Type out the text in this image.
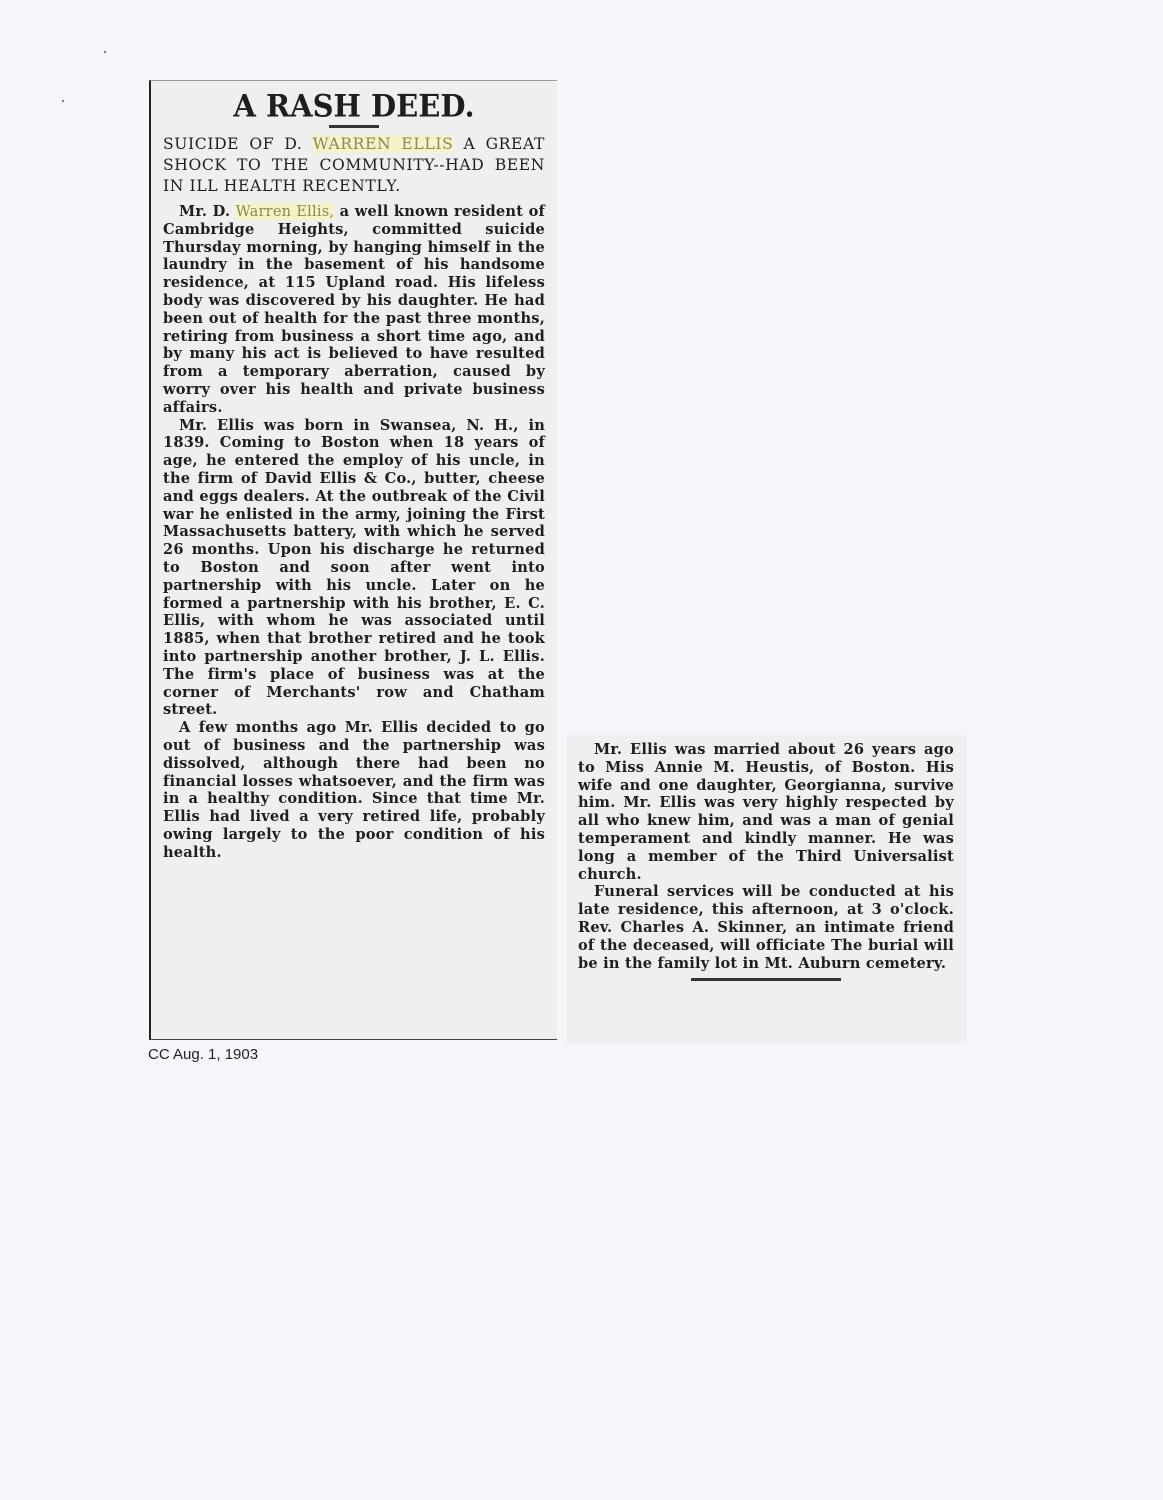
A RASH DEED.
SUICIDE OF D. WARREN ELLIS A GREAT SHOCK TO THE COMMUNITY--HAD BEEN IN ILL HEALTH RECENTLY.

Mr. D. Warren Ellis, a well known resident of Cambridge Heights, committed suicide Thursday morning, by hanging himself in the laundry in the basement of his handsome residence, at 115 Upland road. His lifeless body was discovered by his daughter. He had been out of health for the past three months, retiring from business a short time ago, and by many his act is believed to have resulted from a temporary aberration, caused by worry over his health and private business affairs.

Mr. Ellis was born in Swansea, N. H., in 1839. Coming to Boston when 18 years of age, he entered the employ of his uncle, in the firm of David Ellis & Co., butter, cheese and eggs dealers. At the outbreak of the Civil war he enlisted in the army, joining the First Massachusetts battery, with which he served 26 months. Upon his discharge he returned to Boston and soon after went into partnership with his uncle. Later on he formed a partnership with his brother, E. C. Ellis, with whom he was associated until 1885, when that brother retired and he took into partnership another brother, J. L. Ellis. The firm's place of business was at the corner of Merchants' row and Chatham street.

A few months ago Mr. Ellis decided to go out of business and the partnership was dissolved, although there had been no financial losses whatsoever, and the firm was in a healthy condition. Since that time Mr. Ellis had lived a very retired life, probably owing largely to the poor condition of his health.

Mr. Ellis was married about 26 years ago to Miss Annie M. Heustis, of Boston. His wife and one daughter, Georgianna, survive him. Mr. Ellis was very highly respected by all who knew him, and was a man of genial temperament and kindly manner. He was long a member of the Third Universalist church.

Funeral services will be conducted at his late residence, this afternoon, at 3 o'clock. Rev. Charles A. Skinner, an intimate friend of the deceased, will officiate The burial will be in the family lot in Mt. Auburn cemetery.

CC Aug. 1, 1903
